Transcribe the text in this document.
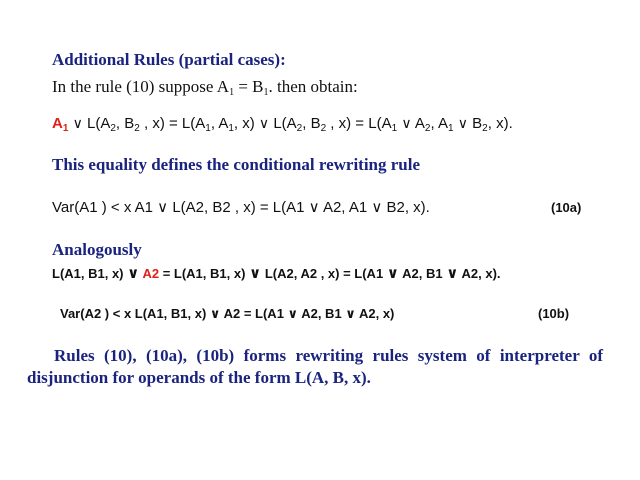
Additional Rules (partial cases):
In the rule (10) suppose $A_1 = B_1$. then obtain:
$A_1$ ∨ $L(A_2$, $B_2$ , $x) = L(A_1$, $A_1$, x) ∨ $L(A_2$, $B_2$ , $x) = L(A_1$ ∨ $A_2$, $A_1$ ∨ $B_2$, x).
This equality defines the conditional rewriting rule
Var(A1 ) < x A1 ∨ L(A2, B2 , x) = L(A1 ∨ A2, A1 ∨ B2, x).	(10a)
Analogously
L(A1, B1, x) ∨ A2 = L(A1, B1, x) ∨ L(A2, A2 , x) = L(A1 ∨ A2, B1 ∨ A2, x).
Var(A2 ) < x L(A1, B1, x) ∨ A2 = L(A1 ∨ A2, B1 ∨ A2, x)	(10b)
Rules (10), (10a), (10b) forms rewriting rules system of interpreter of disjunction for operands of the form L(A, B, x).
